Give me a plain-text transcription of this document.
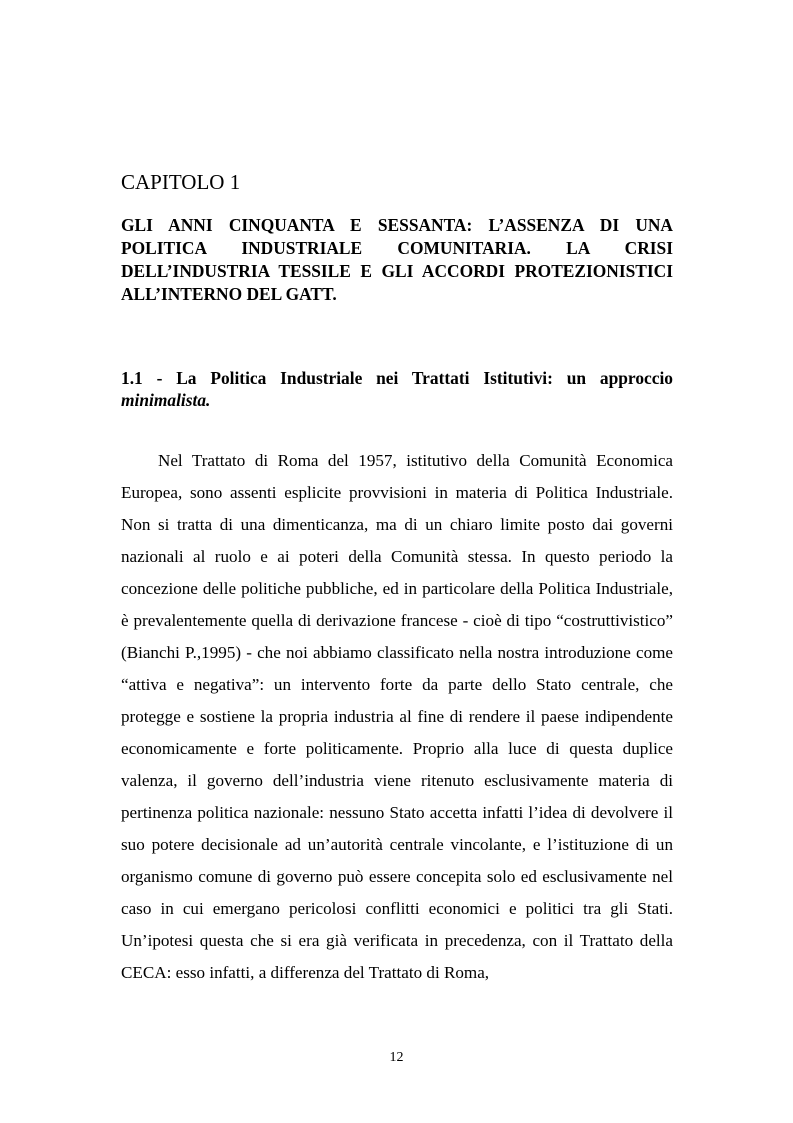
CAPITOLO 1
GLI ANNI CINQUANTA E SESSANTA: L’ASSENZA DI UNA POLITICA INDUSTRIALE COMUNITARIA. LA CRISI DELL’INDUSTRIA TESSILE E GLI ACCORDI PROTEZIONISTICI ALL’INTERNO DEL GATT.
1.1 - La Politica Industriale nei Trattati Istitutivi: un approccio minimalista.

Nel Trattato di Roma del 1957, istitutivo della Comunità Economica Europea, sono assenti esplicite provvisioni in materia di Politica Industriale. Non si tratta di una dimenticanza, ma di un chiaro limite posto dai governi nazionali al ruolo e ai poteri della Comunità stessa. In questo periodo la concezione delle politiche pubbliche, ed in particolare della Politica Industriale, è prevalentemente quella di derivazione francese - cioè di tipo “costruttivistico” (Bianchi P.,1995) - che noi abbiamo classificato nella nostra introduzione come “attiva e negativa”: un intervento forte da parte dello Stato centrale, che protegge e sostiene la propria industria al fine di rendere il paese indipendente economicamente e forte politicamente. Proprio alla luce di questa duplice valenza, il governo dell’industria viene ritenuto esclusivamente materia di pertinenza politica nazionale: nessuno Stato accetta infatti l’idea di devolvere il suo potere decisionale ad un’autorità centrale vincolante, e l’istituzione di un organismo comune di governo può essere concepita solo ed esclusivamente nel caso in cui emergano pericolosi conflitti economici e politici tra gli Stati. Un’ipotesi questa che si era già verificata in precedenza, con il Trattato della CECA: esso infatti, a differenza del Trattato di Roma,

12
